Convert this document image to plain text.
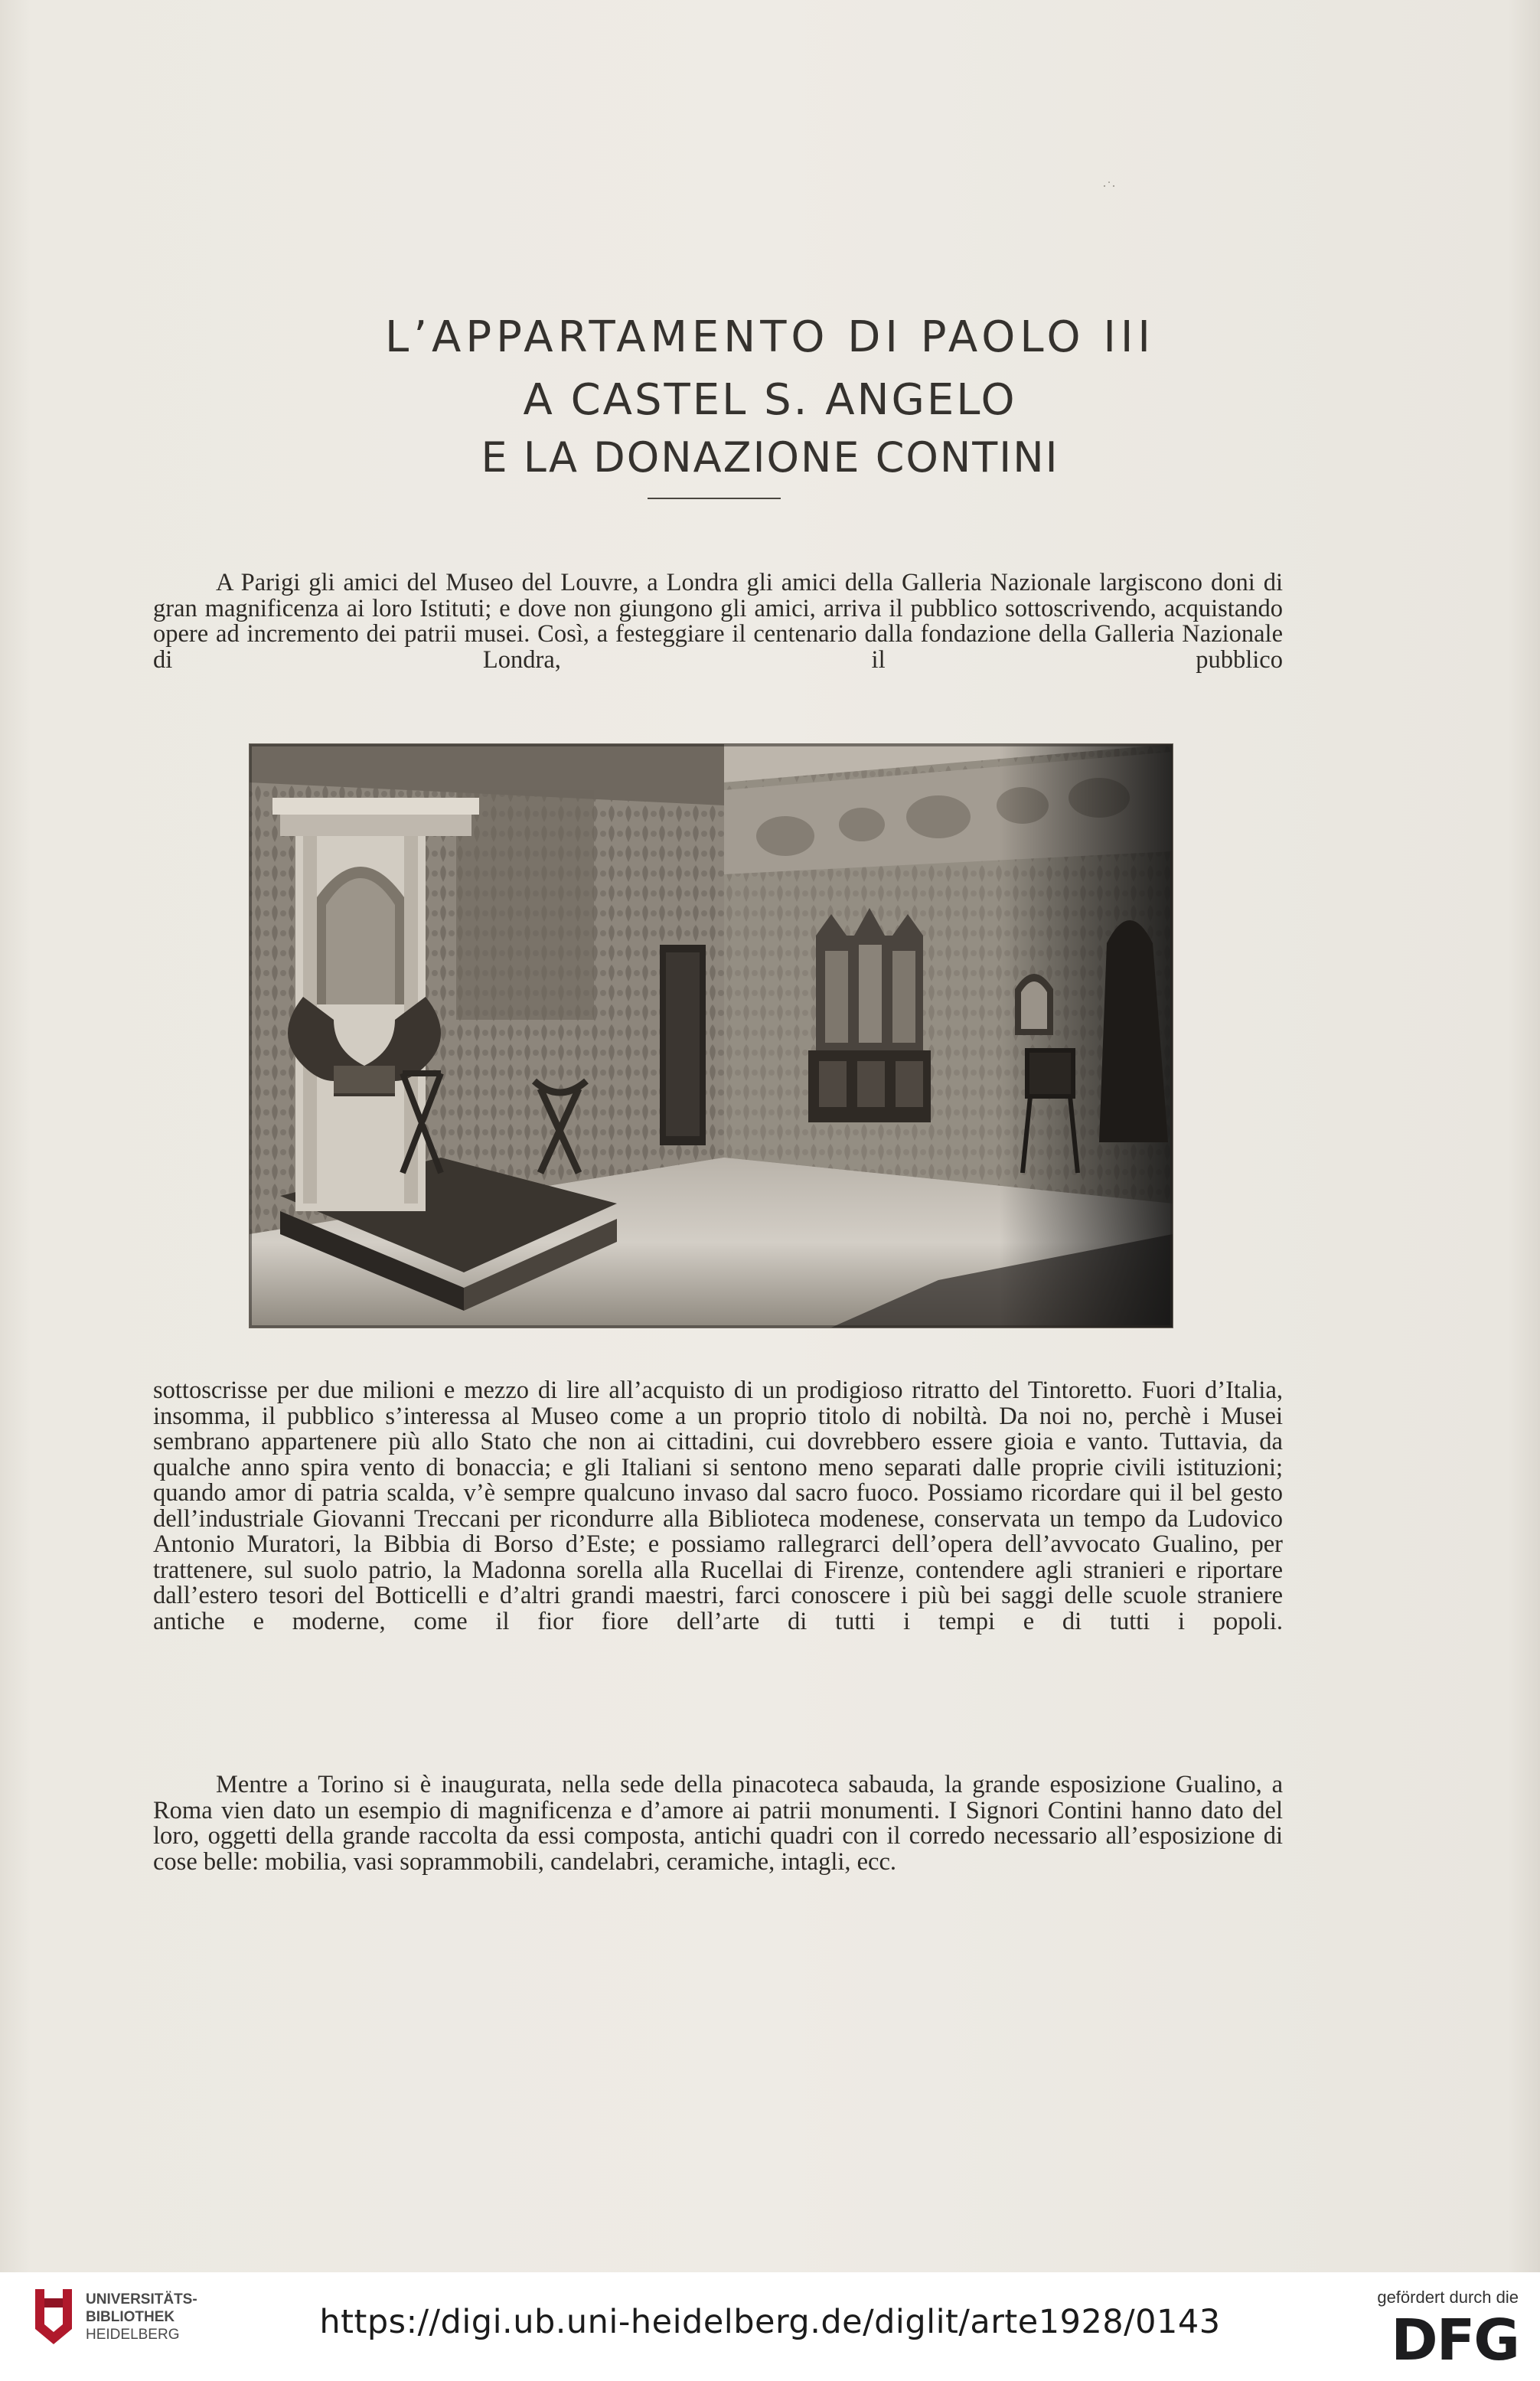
·˙·
L’APPARTAMENTO DI PAOLO III
A CASTEL S. ANGELO
E LA DONAZIONE CONTINI

A Parigi gli amici del Museo del Louvre, a Londra gli amici della Galleria Nazionale largiscono doni di gran magnificenza ai loro Istituti; e dove non giungono gli amici, arriva il pubblico sottoscrivendo, acquistando opere ad incremento dei patrii musei. Così, a festeggiare il centenario dalla fondazione della Galleria Nazionale di Londra, il pubblico

sottoscrisse per due milioni e mezzo di lire all’acquisto di un prodigioso ritratto del Tintoretto. Fuori d’Italia, insomma, il pubblico s’interessa al Museo come a un proprio titolo di nobiltà. Da noi no, perchè i Musei sembrano appartenere più allo Stato che non ai cittadini, cui dovrebbero essere gioia e vanto. Tuttavia, da qualche anno spira vento di bonaccia; e gli Italiani si sentono meno separati dalle proprie civili istituzioni; quando amor di patria scalda, v’è sempre qualcuno invaso dal sacro fuoco. Possiamo ricordare qui il bel gesto dell’industriale Giovanni Treccani per ricondurre alla Biblioteca modenese, conservata un tempo da Ludovico Antonio Muratori, la Bibbia di Borso d’Este; e possiamo rallegrarci dell’opera dell’avvocato Gualino, per trattenere, sul suolo patrio, la Madonna sorella alla Rucellai di Firenze, contendere agli stranieri e riportare dall’estero tesori del Botticelli e d’altri grandi maestri, farci conoscere i più bei saggi delle scuole straniere antiche e moderne, come il fior fiore dell’arte di tutti i tempi e di tutti i popoli.

Mentre a Torino si è inaugurata, nella sede della pinacoteca sabauda, la grande esposizione Gualino, a Roma vien dato un esempio di magnificenza e d’amore ai patrii monumenti. I Signori Contini hanno dato del loro, oggetti della grande raccolta da essi composta, antichi quadri con il corredo necessario all’esposizione di cose belle: mobilia, vasi soprammobili, candelabri, ceramiche, intagli, ecc.

UNIVERSITÄTS-
BIBLIOTHEK
HEIDELBERG	https://digi.ub.uni-heidelberg.de/diglit/arte1928/0143
gefördert durch die
DFG
